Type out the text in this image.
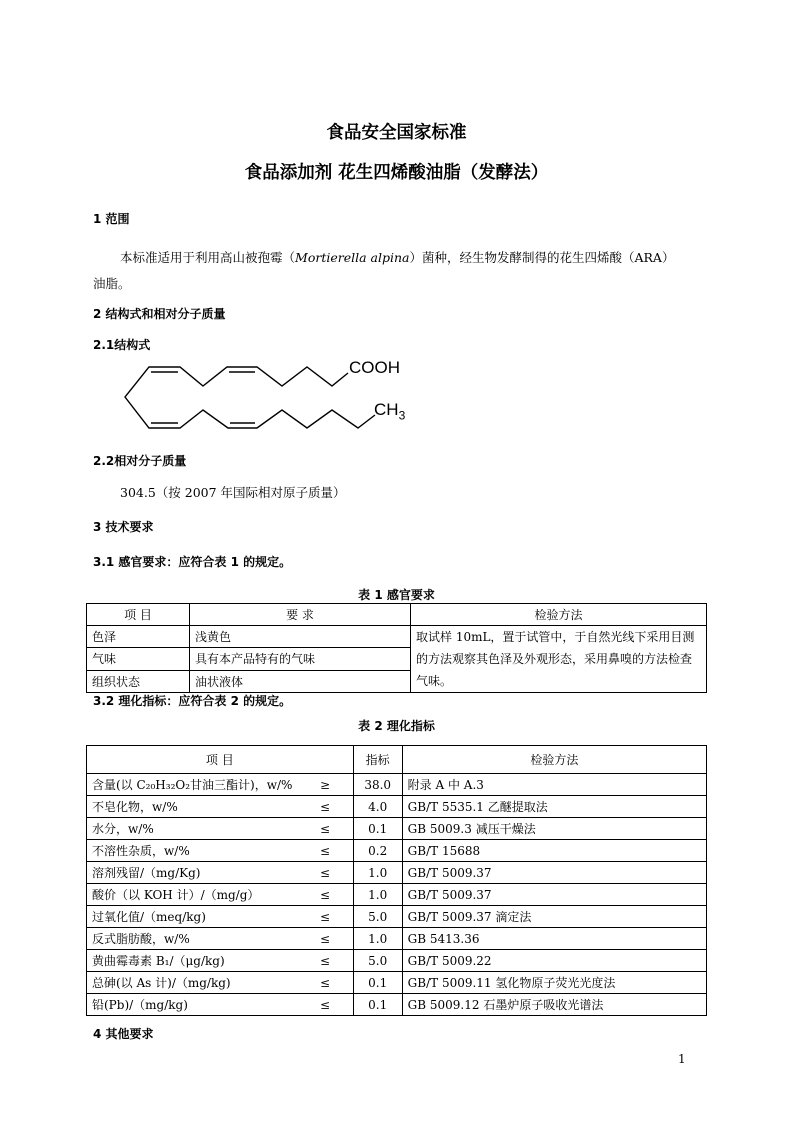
食品安全国家标准
食品添加剂 花生四烯酸油脂（发酵法）
1 范围
本标准适用于利用高山被孢霉（Mortierella alpina）菌种，经生物发酵制得的花生四烯酸（ARA）
油脂。
2 结构式和相对分子质量
2.1结构式
COOH
$CH_3$
2.2相对分子质量
304.5（按 2007 年国际相对原子质量）
3 技术要求
3.1 感官要求：应符合表 1 的规定。
表 1 感官要求
项 目	要 求	检验方法
色泽	浅黄色	取试样 10mL，置于试管中，于自然光线下采用目测的方法观察其色泽及外观形态，采用鼻嗅的方法检查气味。
气味	具有本产品特有的气味	
组织状态	油状液体	
3.2 理化指标：应符合表 2 的规定。
表 2 理化指标
项 目		指标	检验方法
含量(以 C₂₀H₃₂O₂甘油三酯计)，w/%	≥	38.0	附录 A 中 A.3
不皂化物，w/%	≤	4.0	GB/T 5535.1 乙醚提取法
水分，w/%	≤	0.1	GB 5009.3 减压干燥法
不溶性杂质，w/%	≤	0.2	GB/T 15688
溶剂残留/（mg/Kg)	≤	1.0	GB/T 5009.37
酸价（以 KOH 计）/（mg/g）	≤	1.0	GB/T 5009.37
过氧化值/（meq/kg)	≤	5.0	GB/T 5009.37 滴定法
反式脂肪酸，w/%	≤	1.0	GB 5413.36
黄曲霉毒素 B₁/（μg/kg)	≤	5.0	GB/T 5009.22
总砷(以 As 计)/（mg/kg)	≤	0.1	GB/T 5009.11 氢化物原子荧光光度法
铅(Pb)/（mg/kg)	≤	0.1	GB 5009.12 石墨炉原子吸收光谱法
4 其他要求
1
